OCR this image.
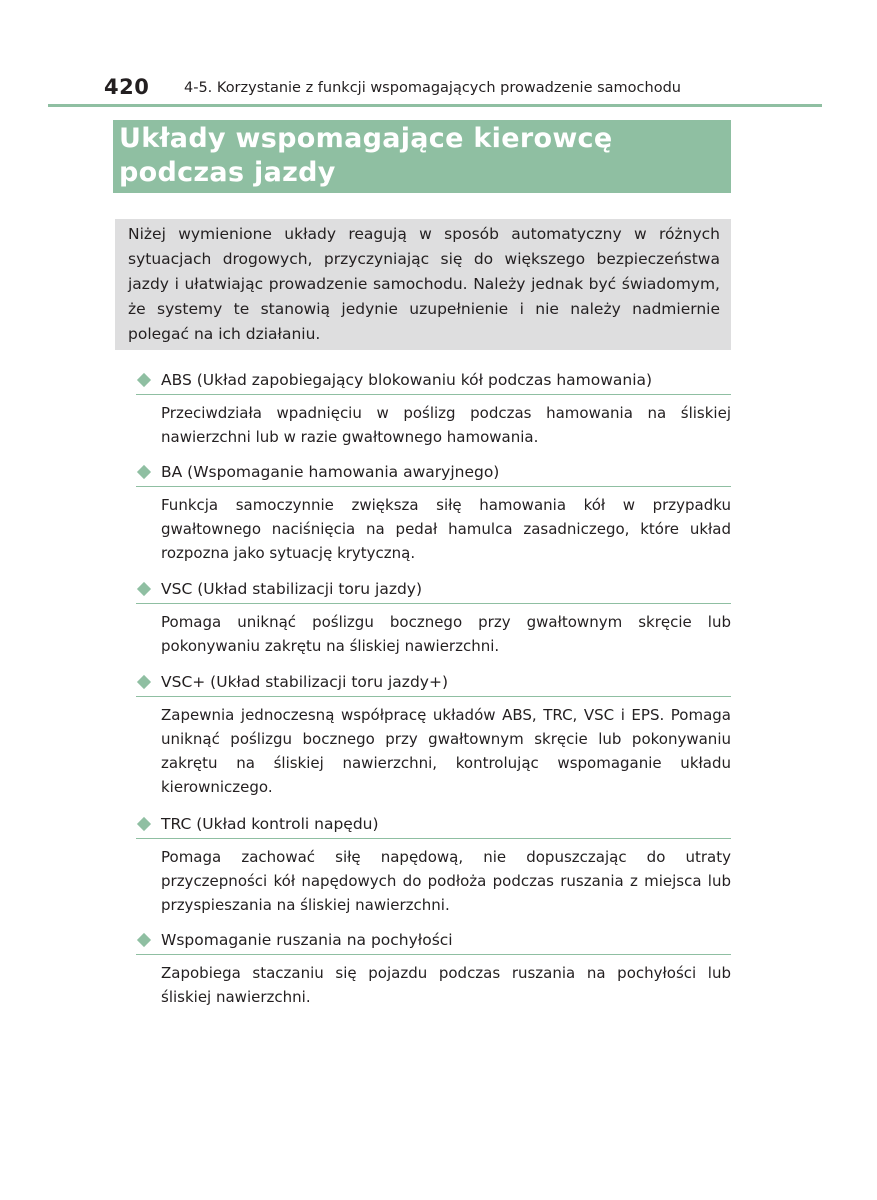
420 4-5. Korzystanie z funkcji wspomagających prowadzenie samochodu
Układy wspomagające kierowcę podczas jazdy

Niżej wymienione układy reagują w sposób automatyczny w różnych sytuacjach drogowych, przyczyniając się do większego bezpieczeństwa jazdy i ułatwiając prowadzenie samochodu. Należy jednak być świadomym, że systemy te stanowią jedynie uzupełnienie i nie należy nadmiernie polegać na ich działaniu.

ABS (Układ zapobiegający blokowaniu kół podczas hamowania)
Przeciwdziała wpadnięciu w poślizg podczas hamowania na śliskiej nawierzchni lub w razie gwałtownego hamowania.
BA (Wspomaganie hamowania awaryjnego)
Funkcja samoczynnie zwiększa siłę hamowania kół w przypadku gwałtownego naciśnięcia na pedał hamulca zasadniczego, które układ rozpozna jako sytuację krytyczną.
VSC (Układ stabilizacji toru jazdy)
Pomaga uniknąć poślizgu bocznego przy gwałtownym skręcie lub pokonywaniu zakrętu na śliskiej nawierzchni.
VSC+ (Układ stabilizacji toru jazdy+)
Zapewnia jednoczesną współpracę układów ABS, TRC, VSC i EPS. Pomaga uniknąć poślizgu bocznego przy gwałtownym skręcie lub pokonywaniu zakrętu na śliskiej nawierzchni, kontrolując wspomaganie układu kierowniczego.
TRC (Układ kontroli napędu)
Pomaga zachować siłę napędową, nie dopuszczając do utraty przyczepności kół napędowych do podłoża podczas ruszania z miejsca lub przyspieszania na śliskiej nawierzchni.
Wspomaganie ruszania na pochyłości
Zapobiega staczaniu się pojazdu podczas ruszania na pochyłości lub śliskiej nawierzchni.
